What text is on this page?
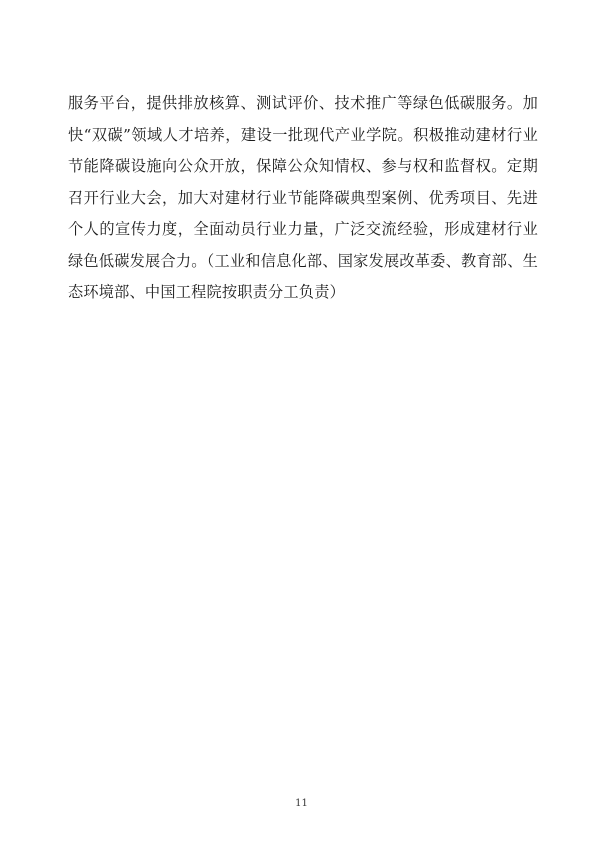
服务平台，提供排放核算、测试评价、技术推广等绿色低碳服务。加快“双碳”领域人才培养，建设一批现代产业学院。积极推动建材行业节能降碳设施向公众开放，保障公众知情权、参与权和监督权。定期召开行业大会，加大对建材行业节能降碳典型案例、优秀项目、先进个人的宣传力度，全面动员行业力量，广泛交流经验，形成建材行业绿色低碳发展合力。（工业和信息化部、国家发展改革委、教育部、生态环境部、中国工程院按职责分工负责）

11
